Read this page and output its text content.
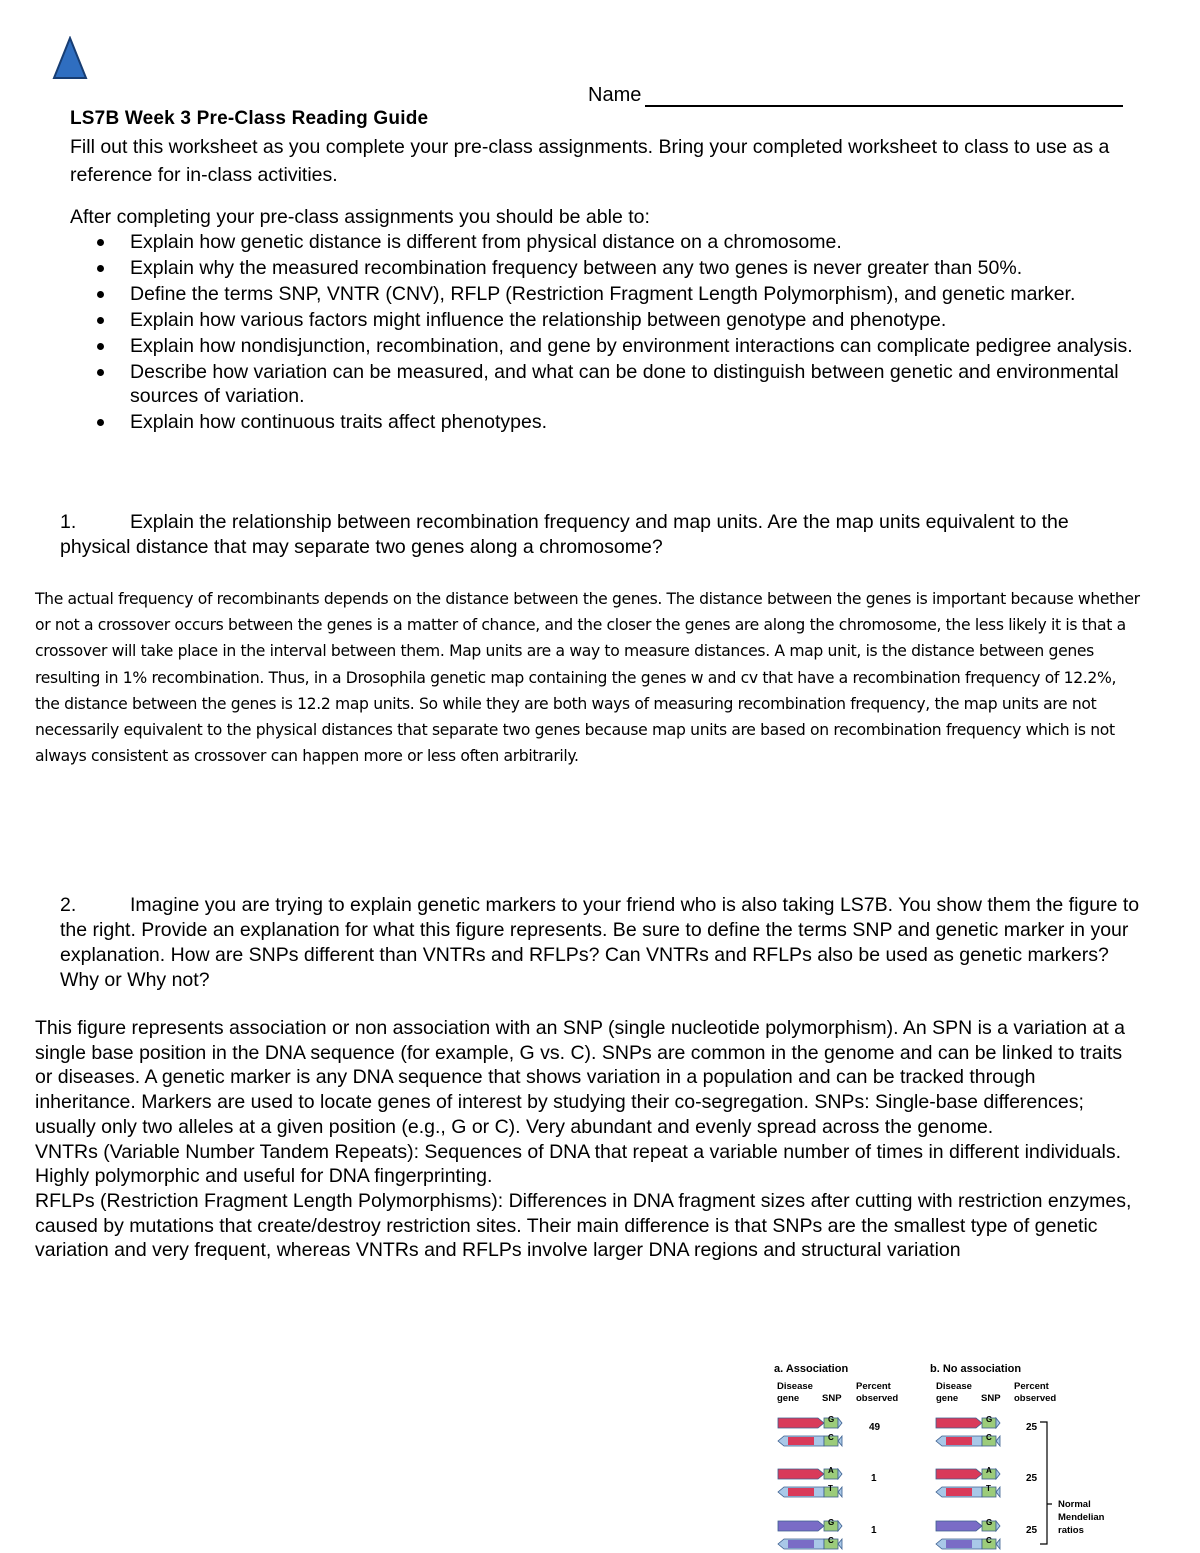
Name
LS7B Week 3 Pre-Class Reading Guide
Fill out this worksheet as you complete your pre-class assignments. Bring your completed worksheet to class to use as a reference for in-class activities.
After completing your pre-class assignments you should be able to:
Explain how genetic distance is different from physical distance on a chromosome.
Explain why the measured recombination frequency between any two genes is never greater than 50%.
Define the terms SNP, VNTR (CNV), RFLP (Restriction Fragment Length Polymorphism), and genetic marker.
Explain how various factors might influence the relationship between genotype and phenotype.
Explain how nondisjunction, recombination, and gene by environment interactions can complicate pedigree analysis.
Describe how variation can be measured, and what can be done to distinguish between genetic and environmental sources of variation.
Explain how continuous traits affect phenotypes.
1.	Explain the relationship between recombination frequency and map units. Are the map units equivalent to the physical distance that may separate two genes along a chromosome?
The actual frequency of recombinants depends on the distance between the genes. The distance between the genes is important because whether or not a crossover occurs between the genes is a matter of chance, and the closer the genes are along the chromosome, the less likely it is that a crossover will take place in the interval between them. Map units are a way to measure distances. A map unit, is the distance between genes resulting in 1% recombination. Thus, in a Drosophila genetic map containing the genes w and cv that have a recombination frequency of 12.2%, the distance between the genes is 12.2 map units. So while they are both ways of measuring recombination frequency, the map units are not necessarily equivalent to the physical distances that separate two genes because map units are based on recombination frequency which is not always consistent as crossover can happen more or less often arbitrarily.
2.	Imagine you are trying to explain genetic markers to your friend who is also taking LS7B. You show them the figure to the right. Provide an explanation for what this figure represents. Be sure to define the terms SNP and genetic marker in your explanation. How are SNPs different than VNTRs and RFLPs? Can VNTRs and RFLPs also be used as genetic markers? Why or Why not?
This figure represents association or non association with an SNP (single nucleotide polymorphism). An SPN is a variation at a single base position in the DNA sequence (for example, G vs. C). SNPs are common in the genome and can be linked to traits or diseases. A genetic marker is any DNA sequence that shows variation in a population and can be tracked through inheritance. Markers are used to locate genes of interest by studying their co-segregation. SNPs: Single-base differences; usually only two alleles at a given position (e.g., G or C). Very abundant and evenly spread across the genome.
VNTRs (Variable Number Tandem Repeats): Sequences of DNA that repeat a variable number of times in different individuals. Highly polymorphic and useful for DNA fingerprinting.
RFLPs (Restriction Fragment Length Polymorphisms): Differences in DNA fragment sizes after cutting with restriction enzymes, caused by mutations that create/destroy restriction sites. Their main difference is that SNPs are the smallest type of genetic variation and very frequent, whereas VNTRs and RFLPs involve larger DNA regions and structural variation
a. Association
Disease
gene SNP
Percent
observed
b. No association
Disease
gene SNP
Percent
observed
G
C
49
A
T
1
G
C
1
G
C
25
A
T
25
G
C
25
Normal
Mendelian
ratios
